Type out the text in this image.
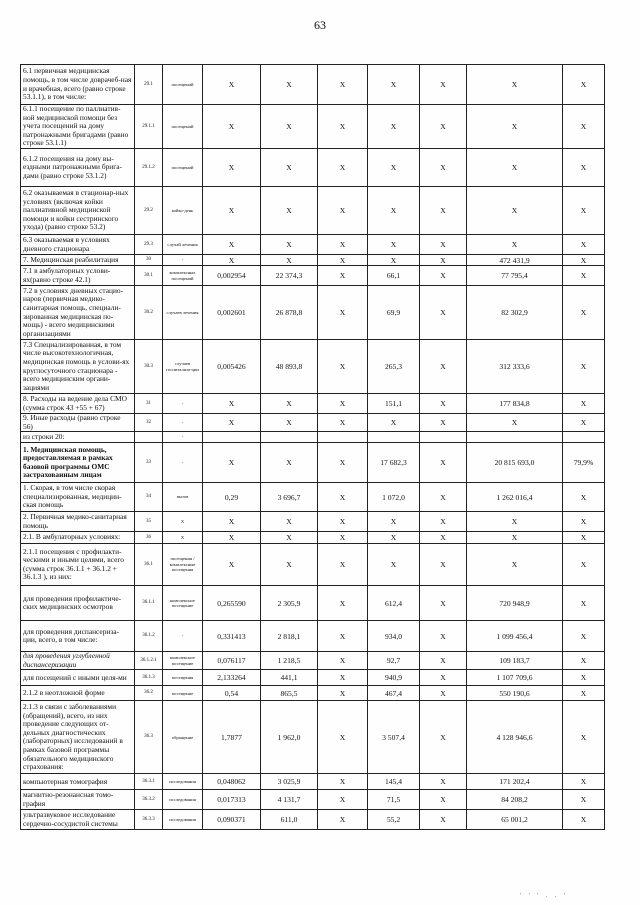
63
6.1 первичная медицинская помощь, в том числе доврачеб-ная и врачебная, всего (равно строке 53.1.1), в том числе:	29.1	посещений	X	X	X	X	X	X	X
6.1.1 посещение по паллиатив-ной медицинской помощи без учета посещений на дому патронажными бригадами (равно строке 53.1.1)	29.1.1	посещений	X	X	X	X	X	X	X
6.1.2 посещения на дому вы-ездными патронажными брига-дами (равно строке 53.1.2)	29.1.2	посещений	X	X	X	X	X	X	X
6.2 оказываемая в стационар-ных условиях (включая койки паллиативной медицинской помощи и койки сестринского ухода) (равно строке 53.2)	29.2	койко-день	X	X	X	X	X	X	X
6.3 оказываемая в условиях дневного стационара	29.3	случай лечения	X	X	X	X	X	X	X
7. Медицинская реабилитация	30	-	X	X	X	X	X	472 431,9	X
7.1 в амбулаторных услови-ях(равно строке 42.1)	30.1	комплексных посещений	0,002954	22 374,3	X	66,1	X	77 795,4	X
7.2 в условиях дневных стацио-наров (первичная медико-санитарная помощь, специали-зированная медицинская по-мощь) - всего медицинскими организациями	30.2	случаев лечения	0,002601	26 878,8	X	69,9	X	82 302,9	X
7.3 Специализированная, в том числе высокотехнологичная, медицинская помощь в услови-ях круглосуточного стационара - всего медицинским органи-зациями	30.3	случаев госпитализа-ции	0,005426	48 893,8	X	265,3	X	312 333,6	X
8. Расходы на ведение дела СМО (сумма строк 43 +55 + 67)	31	-	X	X	X	151,1	X	177 834,8	X
9. Иные расходы (равно строке 56)	32	-	X	X	X	X	X	X	X
из строки 20:		-							
1. Медицинская помощь, предоставляемая в рамках базовой программы ОМС застрахованным лицам	33	-	X	X	X	17 682,3	X	20 815 693,0	79,9%
1. Скорая, в том числе скорая специализированная, медицин-ская помощь	34	вызов	0,29	3 696,7	X	1 072,0	X	1 262 016,4	X
2. Первичная медико-санитарная помощь	35	X	X	X	X	X	X	X	X
2.1. В амбулаторных условиях:	36	X	X	X	X	X	X	X	X
2.1.1 посещения с профилакти-ческими и иными целями, всего (сумма строк 36.1.1 + 36.1.2 + 36.1.3 ), из них:	36.1	посещения / комплексные посещения	X	X	X	X	X	X	X
для проведения профилактиче-ских медицинских осмотров	36.1.1	комплексное посещение	0,265590	2 305,9	X	612,4	X	720 948,9	X
для проведения диспансериза-ции, всего, в том числе:	36.1.2	-	0,331413	2 818,1	X	934,0	X	1 099 456,4	X
для проведения углубленной диспансеризации	36.1.2.1	комплексное посещение	0,076117	1 218,5	X	92,7	X	109 183,7	X
для посещений с иными целя-ми	36.1.3	посещения	2,133264	441,1	X	940,9	X	1 107 709,6	X
2.1.2 в неотложной форме	36.2	посещение	0,54	865,5	X	467,4	X	550 190,6	X
2.1.3 в связи с заболеваниями (обращений), всего, из них проведение следующих от-дельных диагностических (лабораторных) исследований в рамках базовой программы обязательного медицинского страхования:	36.3	обращение	1,7877	1 962,0	X	3 507,4	X	4 128 946,6	X
компьютерная томография	36.3.1	исследования	0,048062	3 025,9	X	145,4	X	171 202,4	X
магнитно-резонансная томо-графия	36.3.2	исследования	0,017313	4 131,7	X	71,5	X	84 208,2	X
ультразвуковое исследование сердечно-сосудистой системы	36.3.3	исследования	0,090371	611,0	X	55,2	X	65 001,2	X
' ' ' . . '
